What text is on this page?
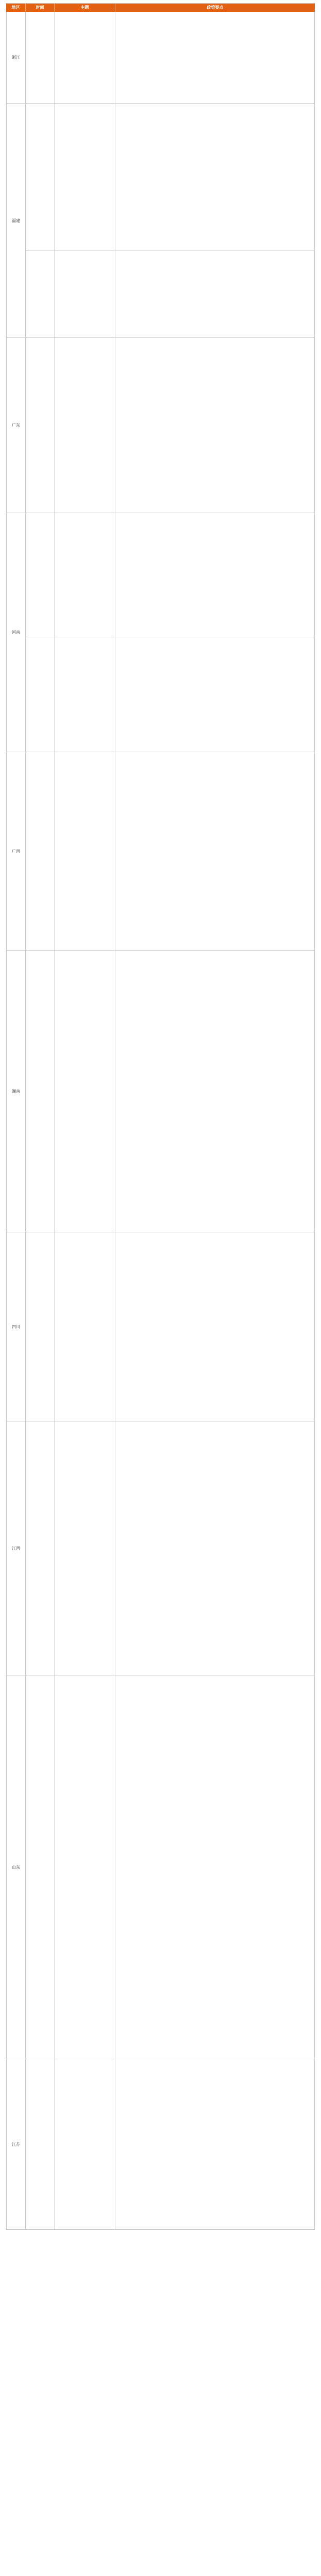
地区	时间	主题	政策要点
浙江
福建
广东
河南
广西
湖南
四川
江西
山东
江苏
